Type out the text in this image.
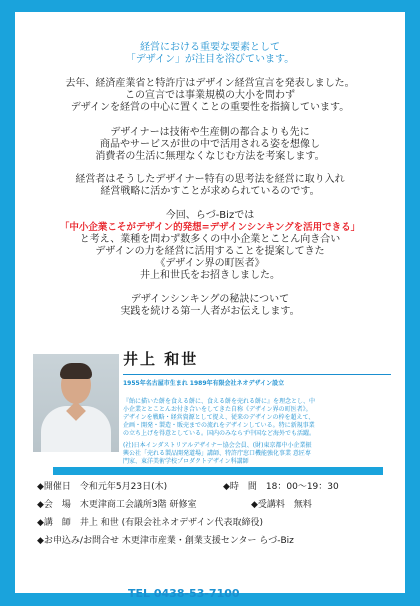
経営における重要な要素として
「デザイン」が注目を浴びています。
去年、経済産業省と特許庁はデザイン経営宣言を発表しました。
この宣言では事業規模の大小を問わず
デザインを経営の中心に置くことの重要性を指摘しています。
デザイナーは技術や生産側の都合よりも先に
商品やサービスが世の中で活用される姿を想像し
消費者の生活に無理なくなじむ方法を考案します。
経営者はそうしたデザイナー特有の思考法を経営に取り入れ
経営戦略に活かすことが求められているのです。
今回、らづ-Bizでは
「中小企業こそがデザイン的発想=デザインシンキングを活用できる」
と考え、業種を問わず数多くの中小企業とことん向き合い
デザインの力を経営に活用することを提案してきた
《デザイン界の町医者》
井上和世氏をお招きしました。
デザインシンキングの秘訣について
実践を続ける第一人者がお伝えします。
井上 和世
1955年名古屋市生まれ 1989年有限会社ネオデザイン設立
『飴に描いた餅を食える餅に、食える餅を売れる餅に』を理念とし、中
小企業ととことんお付き合いをしてきた自称《デザイン界の町医者》。
デザインを戦略・経営資源として捉え、従来のデザインの枠を超えて、
企画・開発・製造・販売までの流れをデザインしている。特に新規事業
の立ち上げを得意としている。国内のみならず中国など海外でも活躍。
(社)日本インダストリアルデザイナー協会会員、(財)東京都中小企業振
興公社「売れる製品開発道場」講師、特許庁窓口機能強化事業 意匠専
門家、東洋美術学校プロダクトデザイン科講師
◆開催日　令和元年5月23日(木)	◆時　間　18：00～19：30
◆会　場　木更津商工会議所3階 研修室	◆受講料　無料
◆講　師　井上 和世 (有限会社ネオデザイン代表取締役)
◆お申込み/お問合せ 木更津市産業・創業支援センター らづ-Biz
TEL 0438-53-7100
